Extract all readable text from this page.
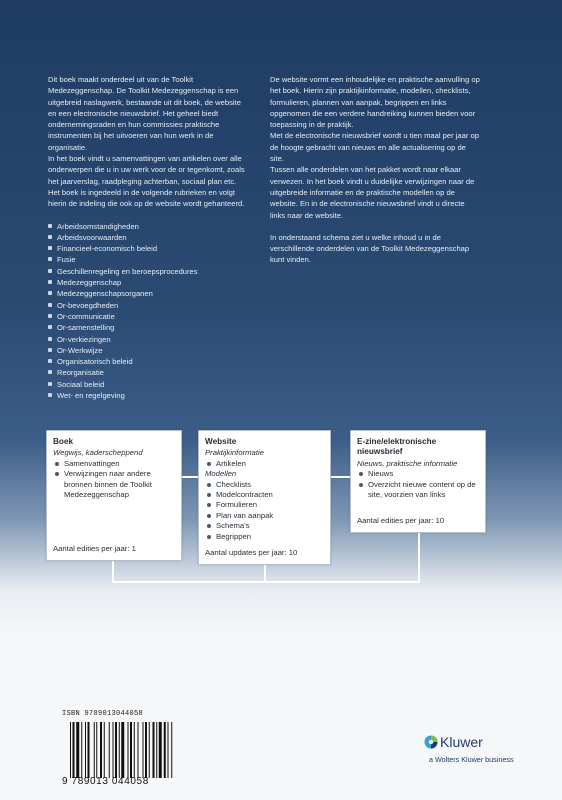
Dit boek maakt onderdeel uit van de Toolkit Medezeggenschap. De Toolkit Medezeggenschap is een uitgebreid naslagwerk, bestaande uit dit boek, de website en een electronische nieuwsbrief. Het geheel biedt ondernemingsraden en hun commissies praktische instrumenten bij het uitvoeren van hun werk in de organisatie.

In het boek vindt u samenvattingen van artikelen over alle onderwerpen die u in uw werk voor de or tegenkomt, zoals het jaarverslag, raadpleging achterban, sociaal plan etc.

Het boek is ingedeeld in de volgende rubrieken en volgt hierin de indeling die ook op de website wordt gehanteerd.

Arbeidsomstandigheden
Arbeidsvoorwaarden
Financieel-economisch beleid
Fusie
Geschillenregeling en beroepsprocedures
Medezeggenschap
Medezeggenschapsorganen
Or-bevoegdheden
Or-communicatie
Or-samenstelling
Or-verkiezingen
Or-Werkwijze
Organisatorisch beleid
Reorganisatie
Sociaal beleid
Wet- en regelgeving

De website vormt een inhoudelijke en praktische aanvulling op het boek. Hierin zijn praktijkinformatie, modellen, checklists, formulieren, plannen van aanpak, begrippen en links opgenomen die een verdere handreiking kunnen bieden voor toepassing in de praktijk.

Met de electronische nieuwsbrief wordt u tien maal per jaar op de hoogte gebracht van nieuws en alle actualisering op de site.

Tussen alle onderdelen van het pakket wordt naar elkaar verwezen. In het boek vindt u duidelijke verwijzingen naar de uitgebreide informatie en de praktische modellen op de website. En in de electronische nieuwsbrief vindt u directe links naar de website.

In onderstaand schema ziet u welke inhoud u in de verschillende onderdelen van de Toolkit Medezeggenschap kunt vinden.

Boek
Wegwijs, kaderscheppend
Samenvattingen
Verwijzingen naar andere bronnen binnen de Toolkit Medezeggenschap
Aantal edities per jaar: 1
Website
Praktijkinformatie
Artikelen
Modellen
Checklists
Modelcontracten
Formulieren
Plan van aanpak
Schema's
Begrippen
Aantal updates per jaar: 10
E-zine/elektronische nieuwsbrief
Nieuws, praktische informatie
Nieuws
Overzicht nieuwe content op de site, voorzien van links
Aantal edities per jaar: 10
ISBN 9789013044058
9 789013 044058
Kluwer
a Wolters Kluwer business
